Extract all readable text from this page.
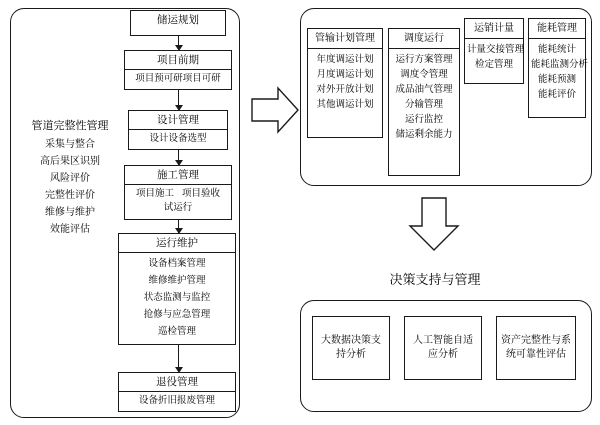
储运规划
项目前期
项目预可研项目可研
设计管理
设计设备选型
施工管理
项目施工 项目验收
试运行
运行维护
设备档案管理
维修维护管理
状态监测与监控
抢修与应急管理
巡检管理
退役管理
设备折旧报废管理
管道完整性管理
采集与整合
高后果区识别
风险评价
完整性评价
维修与维护
效能评估
管输计划管理
年度调运计划
月度调运计划
对外开放计划
其他调运计划
调度运行
运行方案管理
调度令管理
成品油气管理
分输管理
运行监控
储运剩余能力
运销计量
计量交接管理
检定管理
能耗管理
能耗统计
能耗监测分析
能耗预测
能耗评价
决策支持与管理
大数据决策支持分析
人工智能自适应分析
资产完整性与系统可靠性评估
